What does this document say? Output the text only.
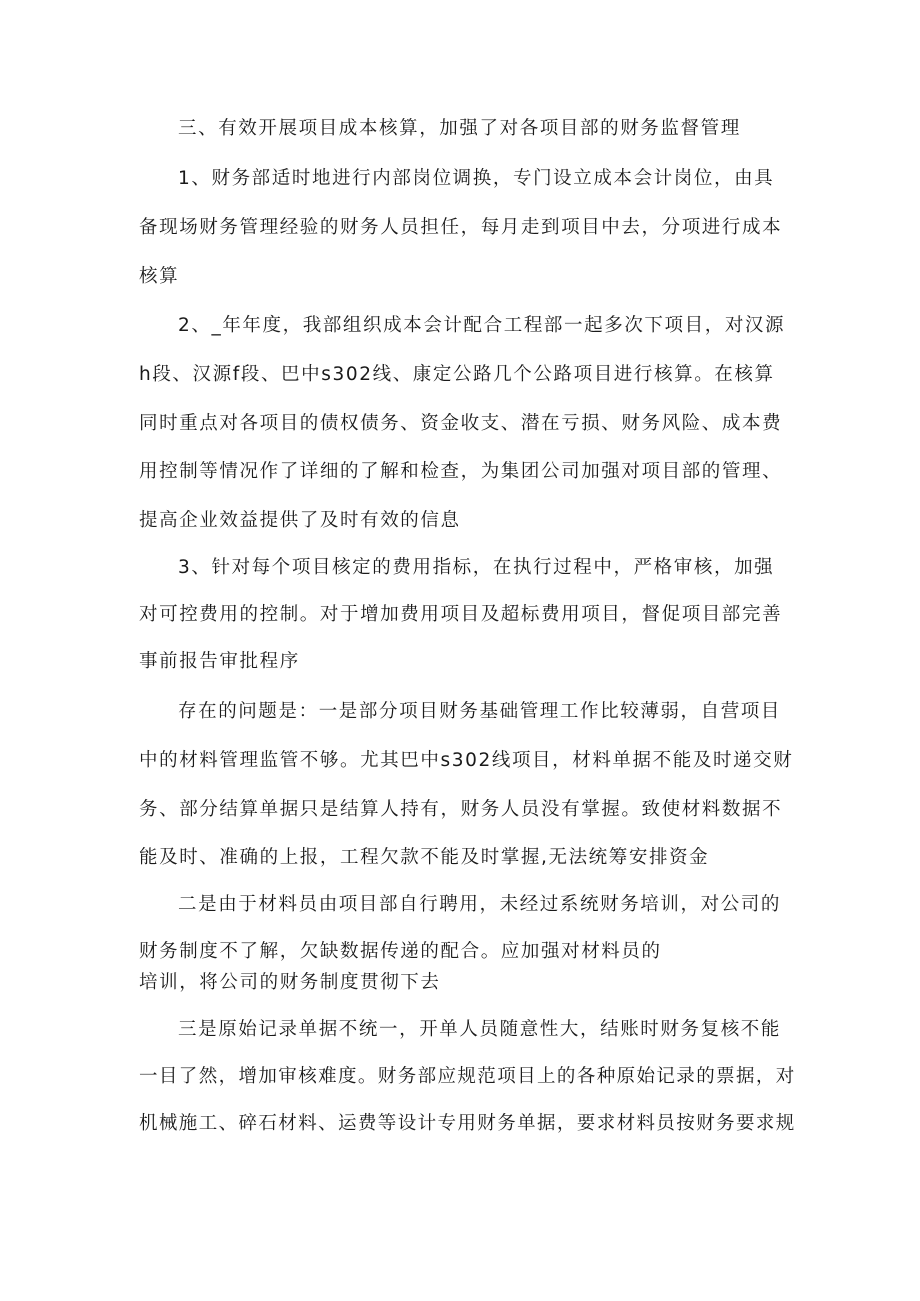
三、有效开展项目成本核算，加强了对各项目部的财务监督管理
1、财务部适时地进行内部岗位调换，专门设立成本会计岗位，由具
备现场财务管理经验的财务人员担任，每月走到项目中去，分项进行成本
核算
2、_年年度，我部组织成本会计配合工程部一起多次下项目，对汉源
h段、汉源f段、巴中s302线、康定公路几个公路项目进行核算。在核算
同时重点对各项目的债权债务、资金收支、潜在亏损、财务风险、成本费
用控制等情况作了详细的了解和检查，为集团公司加强对项目部的管理、
提高企业效益提供了及时有效的信息
3、针对每个项目核定的费用指标，在执行过程中，严格审核，加强
对可控费用的控制。对于增加费用项目及超标费用项目，督促项目部完善
事前报告审批程序
存在的问题是：一是部分项目财务基础管理工作比较薄弱，自营项目
中的材料管理监管不够。尤其巴中s302线项目，材料单据不能及时递交财
务、部分结算单据只是结算人持有，财务人员没有掌握。致使材料数据不
能及时、准确的上报，工程欠款不能及时掌握,无法统筹安排资金
二是由于材料员由项目部自行聘用，未经过系统财务培训，对公司的
财务制度不了解，欠缺数据传递的配合。应加强对材料员的
培训，将公司的财务制度贯彻下去
三是原始记录单据不统一，开单人员随意性大，结账时财务复核不能
一目了然，增加审核难度。财务部应规范项目上的各种原始记录的票据，对
机械施工、碎石材料、运费等设计专用财务单据，要求材料员按财务要求规
